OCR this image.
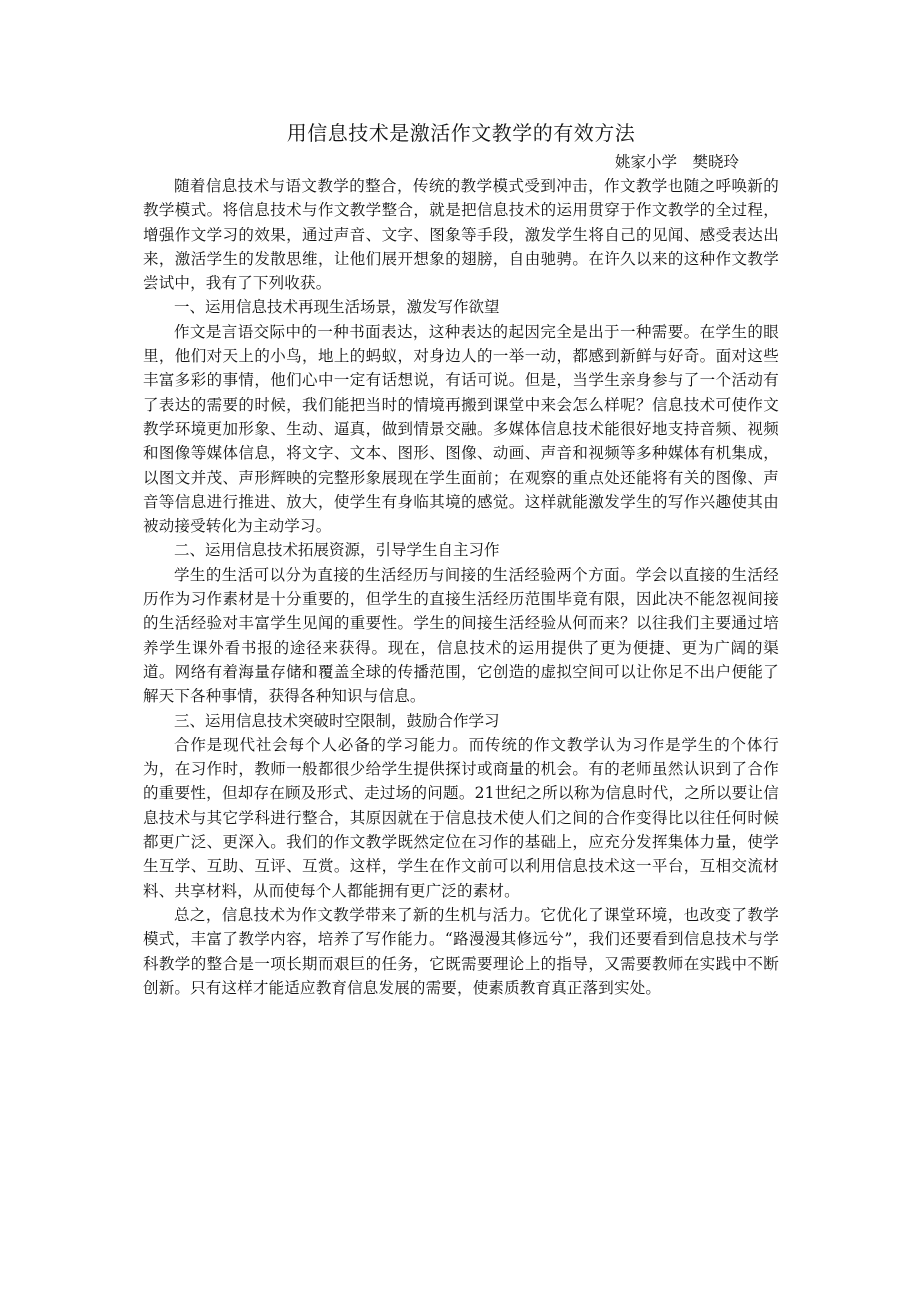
用信息技术是激活作文教学的有效方法
姚家小学　樊晓玲

随着信息技术与语文教学的整合，传统的教学模式受到冲击，作文教学也随之呼唤新的教学模式。将信息技术与作文教学整合，就是把信息技术的运用贯穿于作文教学的全过程，增强作文学习的效果，通过声音、文字、图象等手段，激发学生将自己的见闻、感受表达出来，激活学生的发散思维，让他们展开想象的翅膀，自由驰骋。在许久以来的这种作文教学尝试中，我有了下列收获。

一、运用信息技术再现生活场景，激发写作欲望

作文是言语交际中的一种书面表达，这种表达的起因完全是出于一种需要。在学生的眼里，他们对天上的小鸟，地上的蚂蚁，对身边人的一举一动，都感到新鲜与好奇。面对这些丰富多彩的事情，他们心中一定有话想说，有话可说。但是，当学生亲身参与了一个活动有了表达的需要的时候，我们能把当时的情境再搬到课堂中来会怎么样呢？信息技术可使作文教学环境更加形象、生动、逼真，做到情景交融。多媒体信息技术能很好地支持音频、视频和图像等媒体信息，将文字、文本、图形、图像、动画、声音和视频等多种媒体有机集成，以图文并茂、声形辉映的完整形象展现在学生面前；在观察的重点处还能将有关的图像、声音等信息进行推进、放大，使学生有身临其境的感觉。这样就能激发学生的写作兴趣使其由被动接受转化为主动学习。

二、运用信息技术拓展资源，引导学生自主习作

学生的生活可以分为直接的生活经历与间接的生活经验两个方面。学会以直接的生活经历作为习作素材是十分重要的，但学生的直接生活经历范围毕竟有限，因此决不能忽视间接的生活经验对丰富学生见闻的重要性。学生的间接生活经验从何而来？以往我们主要通过培养学生课外看书报的途径来获得。现在，信息技术的运用提供了更为便捷、更为广阔的渠道。网络有着海量存储和覆盖全球的传播范围，它创造的虚拟空间可以让你足不出户便能了解天下各种事情，获得各种知识与信息。

三、运用信息技术突破时空限制，鼓励合作学习

合作是现代社会每个人必备的学习能力。而传统的作文教学认为习作是学生的个体行为，在习作时，教师一般都很少给学生提供探讨或商量的机会。有的老师虽然认识到了合作的重要性，但却存在顾及形式、走过场的问题。21世纪之所以称为信息时代，之所以要让信息技术与其它学科进行整合，其原因就在于信息技术使人们之间的合作变得比以往任何时候都更广泛、更深入。我们的作文教学既然定位在习作的基础上，应充分发挥集体力量，使学生互学、互助、互评、互赏。这样，学生在作文前可以利用信息技术这一平台，互相交流材料、共享材料，从而使每个人都能拥有更广泛的素材。

总之，信息技术为作文教学带来了新的生机与活力。它优化了课堂环境，也改变了教学模式，丰富了教学内容，培养了写作能力。“路漫漫其修远兮”，我们还要看到信息技术与学科教学的整合是一项长期而艰巨的任务，它既需要理论上的指导，又需要教师在实践中不断创新。只有这样才能适应教育信息发展的需要，使素质教育真正落到实处。
